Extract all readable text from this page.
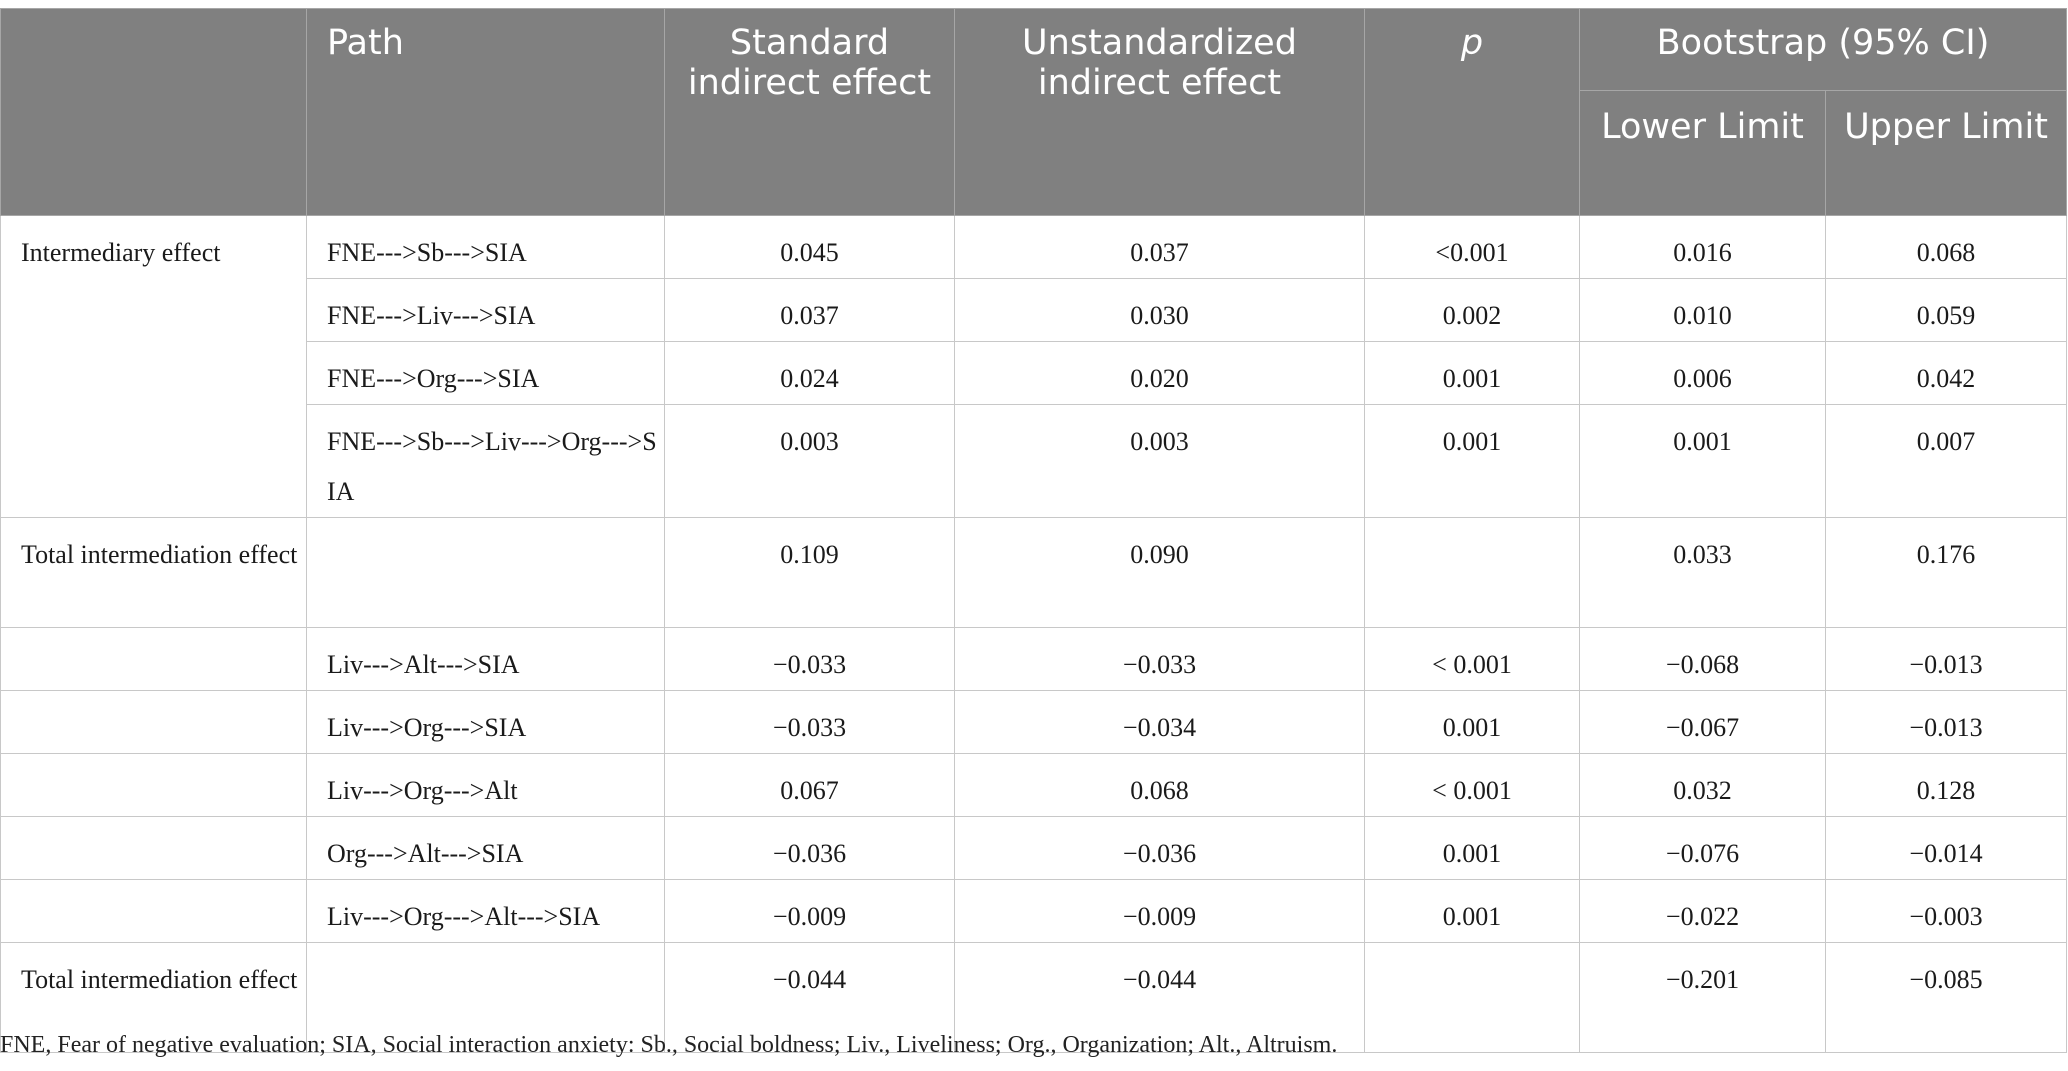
	Path	Standard indirect effect	Unstandardized indirect effect	p	Bootstrap (95% CI)	
					Lower Limit	Upper Limit
Intermediary effect	FNE--->Sb--->SIA	0.045	0.037	<0.001	0.016	0.068
	FNE--->Liv--->SIA	0.037	0.030	0.002	0.010	0.059
	FNE--->Org--->SIA	0.024	0.020	0.001	0.006	0.042
	FNE--->Sb--->Liv--->Org--->SIA	0.003	0.003	0.001	0.001	0.007
Total intermediation effect		0.109	0.090		0.033	0.176
	Liv--->Alt--->SIA	−0.033	−0.033	< 0.001	−0.068	−0.013
	Liv--->Org--->SIA	−0.033	−0.034	0.001	−0.067	−0.013
	Liv--->Org--->Alt	0.067	0.068	< 0.001	0.032	0.128
	Org--->Alt--->SIA	−0.036	−0.036	0.001	−0.076	−0.014
	Liv--->Org--->Alt--->SIA	−0.009	−0.009	0.001	−0.022	−0.003
Total intermediation effect		−0.044	−0.044		−0.201	−0.085
FNE, Fear of negative evaluation; SIA, Social interaction anxiety: Sb., Social boldness; Liv., Liveliness; Org., Organization; Alt., Altruism.
